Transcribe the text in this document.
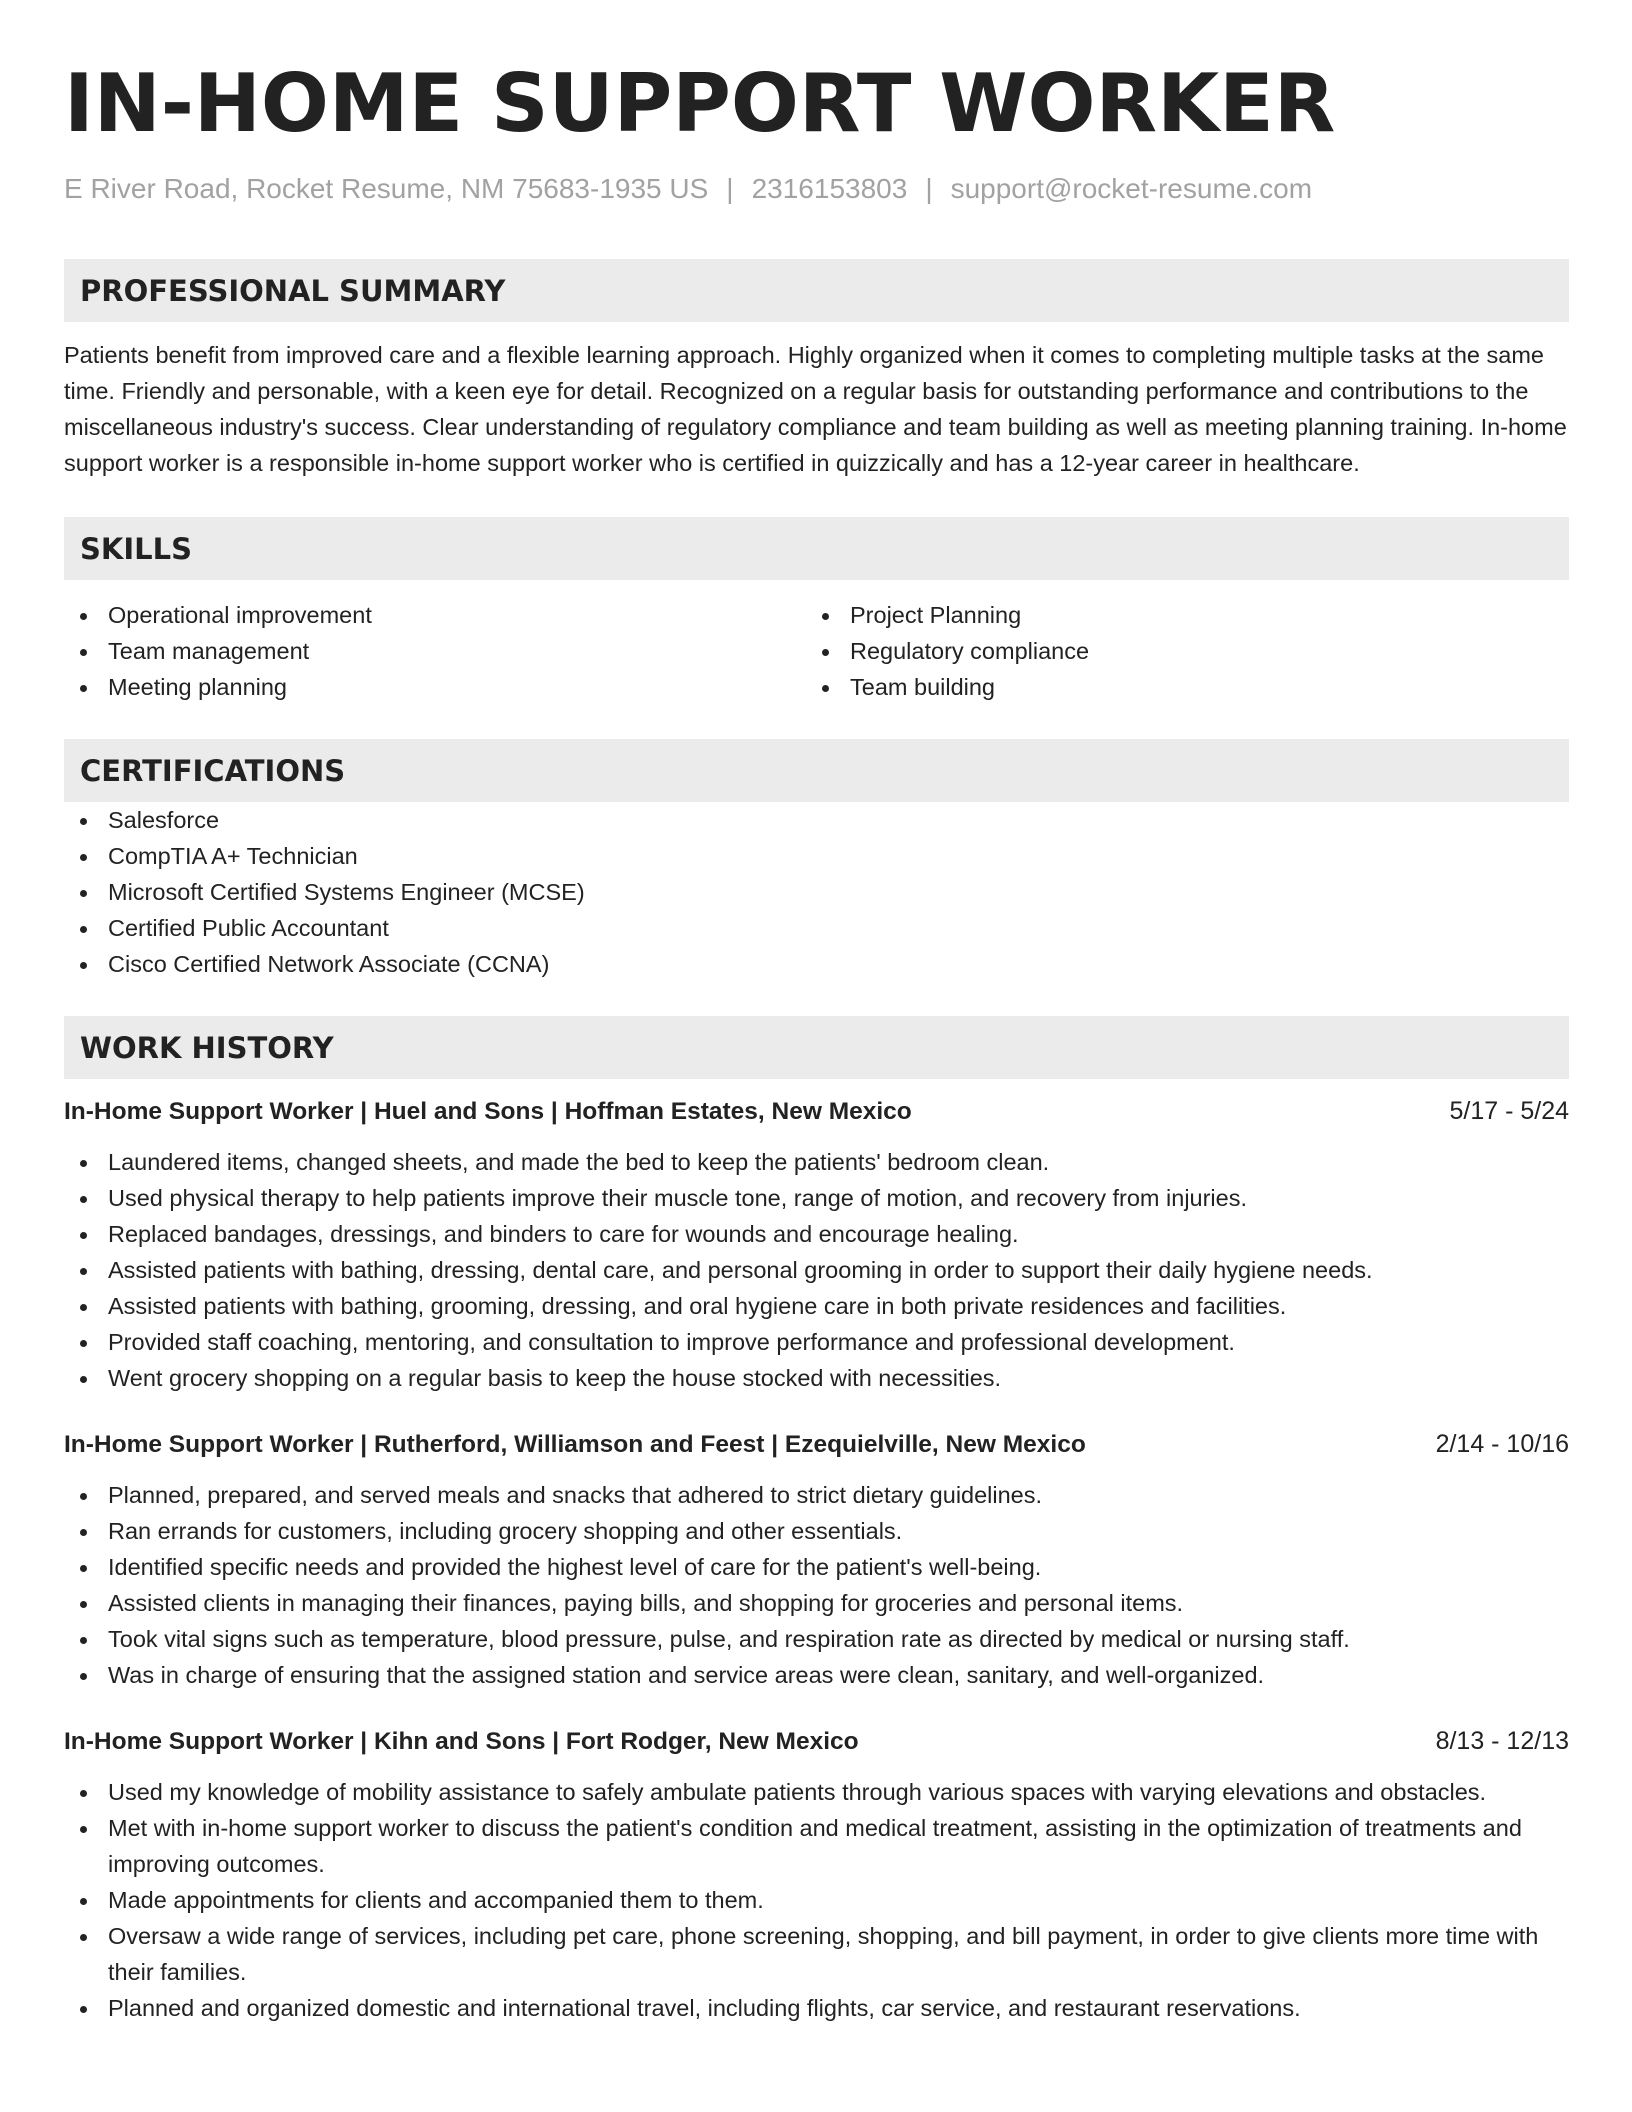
IN-HOME SUPPORT WORKER
E River Road, Rocket Resume, NM 75683-1935 US | 2316153803 | support@rocket-resume.com
PROFESSIONAL SUMMARY
Patients benefit from improved care and a flexible learning approach. Highly organized when it comes to completing multiple tasks at the same time. Friendly and personable, with a keen eye for detail. Recognized on a regular basis for outstanding performance and contributions to the miscellaneous industry's success. Clear understanding of regulatory compliance and team building as well as meeting planning training. In-home support worker is a responsible in-home support worker who is certified in quizzically and has a 12-year career in healthcare.
SKILLS
Operational improvement
Team management
Meeting planning
Project Planning
Regulatory compliance
Team building
CERTIFICATIONS
Salesforce
CompTIA A+ Technician
Microsoft Certified Systems Engineer (MCSE)
Certified Public Accountant
Cisco Certified Network Associate (CCNA)
WORK HISTORY
In-Home Support Worker | Huel and Sons | Hoffman Estates, New Mexico	5/17 - 5/24
Laundered items, changed sheets, and made the bed to keep the patients' bedroom clean.
Used physical therapy to help patients improve their muscle tone, range of motion, and recovery from injuries.
Replaced bandages, dressings, and binders to care for wounds and encourage healing.
Assisted patients with bathing, dressing, dental care, and personal grooming in order to support their daily hygiene needs.
Assisted patients with bathing, grooming, dressing, and oral hygiene care in both private residences and facilities.
Provided staff coaching, mentoring, and consultation to improve performance and professional development.
Went grocery shopping on a regular basis to keep the house stocked with necessities.
In-Home Support Worker | Rutherford, Williamson and Feest | Ezequielville, New Mexico	2/14 - 10/16
Planned, prepared, and served meals and snacks that adhered to strict dietary guidelines.
Ran errands for customers, including grocery shopping and other essentials.
Identified specific needs and provided the highest level of care for the patient's well-being.
Assisted clients in managing their finances, paying bills, and shopping for groceries and personal items.
Took vital signs such as temperature, blood pressure, pulse, and respiration rate as directed by medical or nursing staff.
Was in charge of ensuring that the assigned station and service areas were clean, sanitary, and well-organized.
In-Home Support Worker | Kihn and Sons | Fort Rodger, New Mexico	8/13 - 12/13
Used my knowledge of mobility assistance to safely ambulate patients through various spaces with varying elevations and obstacles.
Met with in-home support worker to discuss the patient's condition and medical treatment, assisting in the optimization of treatments and improving outcomes.
Made appointments for clients and accompanied them to them.
Oversaw a wide range of services, including pet care, phone screening, shopping, and bill payment, in order to give clients more time with their families.
Planned and organized domestic and international travel, including flights, car service, and restaurant reservations.
